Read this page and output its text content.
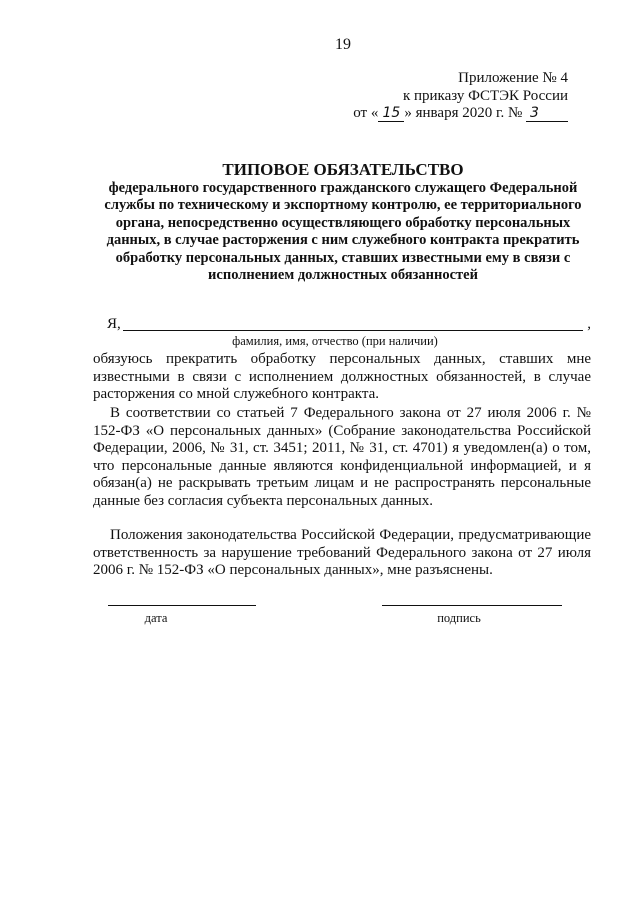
19
Приложение № 4
к приказу ФСТЭК России
от « 15 » января 2020 г. № 3
ТИПОВОЕ ОБЯЗАТЕЛЬСТВО
федерального государственного гражданского служащего Федеральной службы по техническому и экспортному контролю, ее территориального органа, непосредственно осуществляющего обработку персональных данных, в случае расторжения с ним служебного контракта прекратить обработку персональных данных, ставших известными ему в связи с исполнением должностных обязанностей
Я,	,
фамилия, имя, отчество (при наличии)
обязуюсь прекратить обработку персональных данных, ставших мне известными в связи с исполнением должностных обязанностей, в случае расторжения со мной служебного контракта.
В соответствии со статьей 7 Федерального закона от 27 июля 2006 г. № 152-ФЗ «О персональных данных» (Собрание законодательства Российской Федерации, 2006, № 31, ст. 3451; 2011, № 31, ст. 4701) я уведомлен(а) о том, что персональные данные являются конфиденциальной информацией, и я обязан(а) не раскрывать третьим лицам и не распространять персональные данные без согласия субъекта персональных данных.
Положения законодательства Российской Федерации, предусматривающие ответственность за нарушение требований Федерального закона от 27 июля 2006 г. № 152-ФЗ «О персональных данных», мне разъяснены.
дата	подпись
